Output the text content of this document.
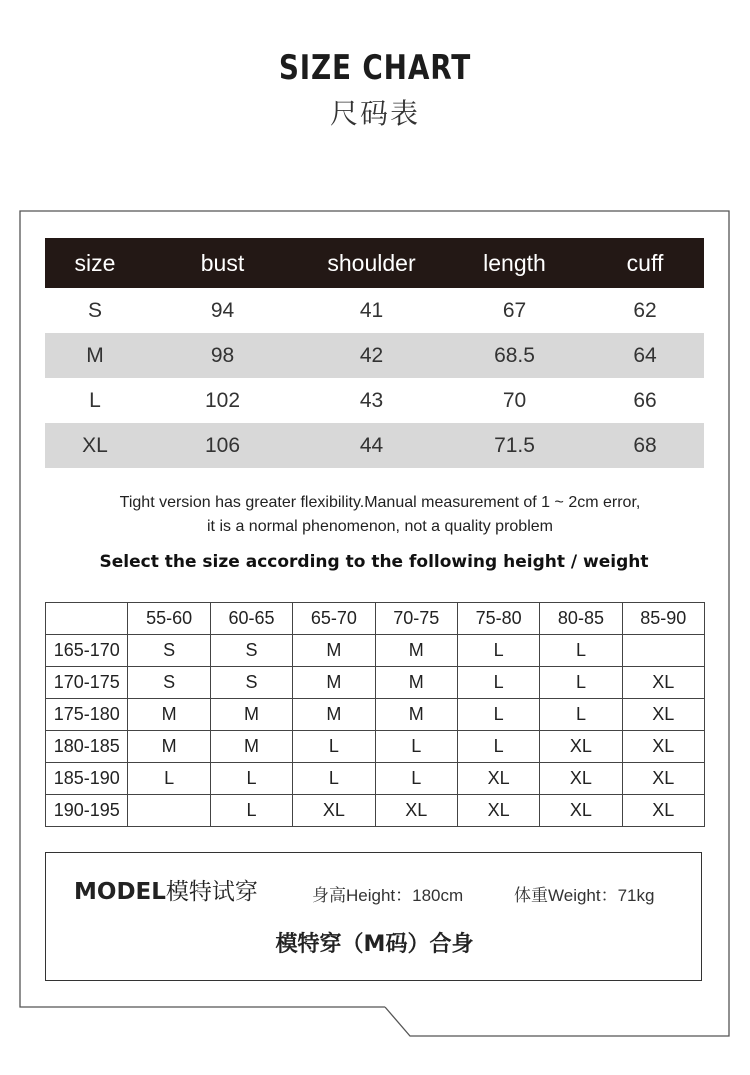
SIZE CHART
尺码表
size	bust	shoulder	length	cuff
S	94	41	67	62
M	98	42	68.5	64
L	102	43	70	66
XL	106	44	71.5	68
Tight version has greater flexibility.Manual measurement of 1 ~ 2cm error,
it is a normal phenomenon, not a quality problem
Select the size according to the following height / weight
	55-60	60-65	65-70	70-75	75-80	80-85	85-90
165-170	S	S	M	M	L	L	
170-175	S	S	M	M	L	L	XL
175-180	M	M	M	M	L	L	XL
180-185	M	M	L	L	L	XL	XL
185-190	L	L	L	L	XL	XL	XL
190-195		L	XL	XL	XL	XL	XL
MODEL模特试穿	身高Height：180cm	体重Weight：71kg
模特穿（M码）合身
